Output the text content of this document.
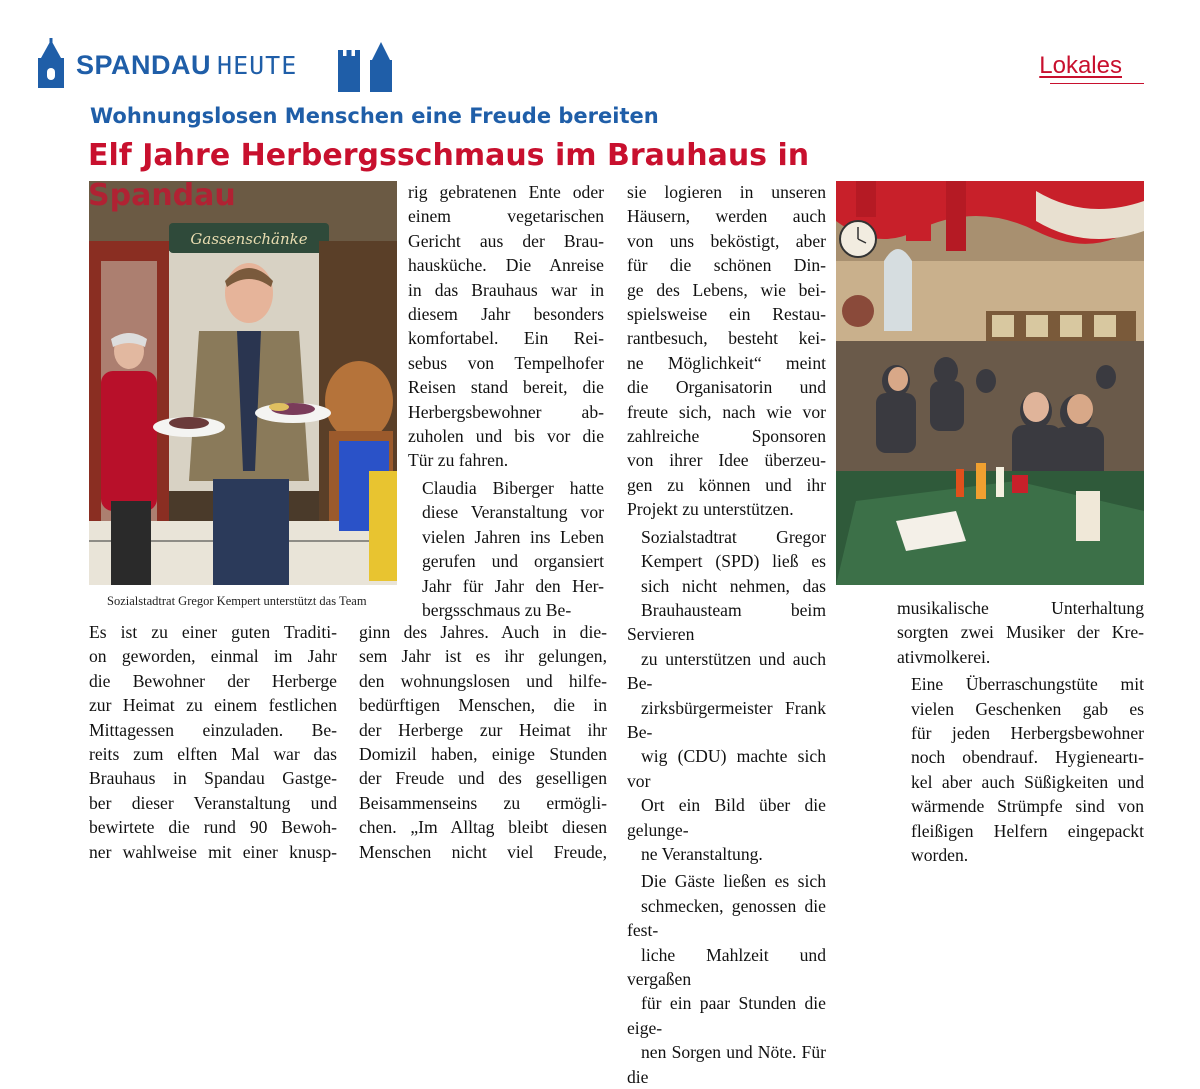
SPANDAU HEUTE	Lokales
Wohnungslosen Menschen eine Freude bereiten
Elf Jahre Herbergsschmaus im Brauhaus in
Spandau
Gassenschänke
Sozialstadtrat Gregor Kempert unterstützt das Team

Es ist zu einer guten Traditi-
on geworden, einmal im Jahr
die Bewohner der Herberge
zur Heimat zu einem festlichen
Mittagessen einzuladen. Be-
reits zum elften Mal war das
Brauhaus in Spandau Gastge-
ber dieser Veranstaltung und
bewirtete die rund 90 Bewoh-
ner wahlweise mit einer knusp-

rig gebratenen Ente oder
einem vegetarischen
Gericht aus der Brau-
hausküche. Die Anreise
in das Brauhaus war in
diesem Jahr besonders
komfortabel. Ein Rei-
sebus von Tempelhofer
Reisen stand bereit, die
Herbergsbewohner ab-
zuholen und bis vor die
Tür zu fahren.

Claudia Biberger hatte
diese Veranstaltung vor
vielen Jahren ins Leben
gerufen und organsiert
Jahr für Jahr den Her-
bergsschmaus zu Be-

ginn des Jahres. Auch in die-
sem Jahr ist es ihr gelungen,
den wohnungslosen und hilfe-
bedürftigen Menschen, die in
der Herberge zur Heimat ihr
Domizil haben, einige Stunden
der Freude und des geselligen
Beisammenseins zu ermögli-
chen. „Im Alltag bleibt diesen
Menschen nicht viel Freude,

sie logieren in unseren
Häusern, werden auch
von uns beköstigt, aber
für die schönen Din-
ge des Lebens, wie bei-
spielsweise ein Restau-
rantbesuch, besteht kei-
ne Möglichkeit“ meint
die Organisatorin und
freute sich, nach wie vor
zahlreiche Sponsoren
von ihrer Idee überzeu-
gen zu können und ihr
Projekt zu unterstützen.

Sozialstadtrat Gregor
Kempert (SPD) ließ es
sich nicht nehmen, das
Brauhausteam beim Servieren
zu unterstützen und auch Be-
zirksbürgermeister Frank Be-
wig (CDU) machte sich vor
Ort ein Bild über die gelunge-
ne Veranstaltung.

Die Gäste ließen es sich
schmecken, genossen die fest-
liche Mahlzeit und vergaßen
für ein paar Stunden die eige-
nen Sorgen und Nöte. Für die

musikalische Unterhaltung
sorgten zwei Musiker der Kre-
ativmolkerei.

Eine Überraschungstüte mit
vielen Geschenken gab es
für jeden Herbergsbewohner
noch obendrauf. Hygieneartı-
kel aber auch Süßigkeiten und
wärmende Strümpfe sind von
fleißigen Helfern eingepackt
worden.
